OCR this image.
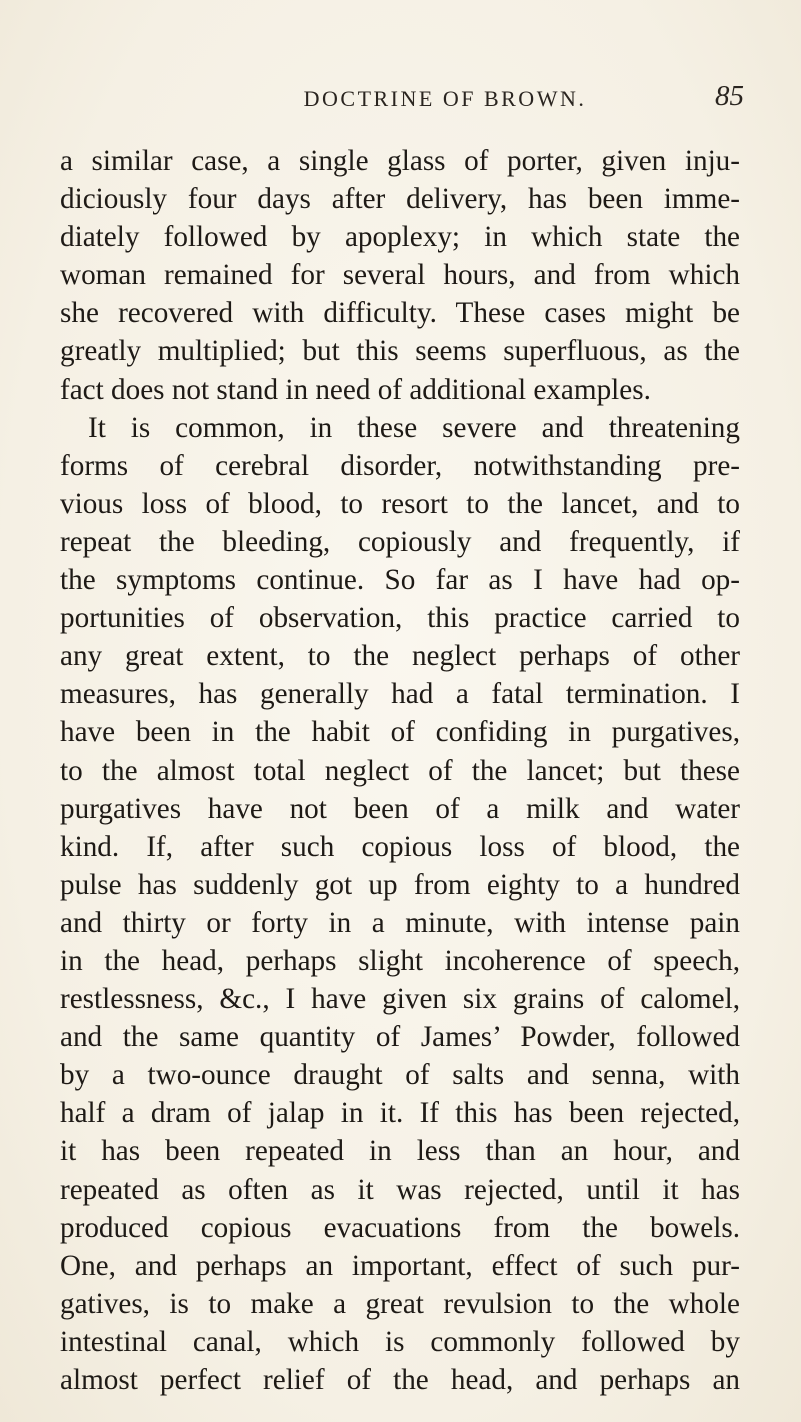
DOCTRINE OF BROWN.	85
a similar case, a single glass of porter, given inju-
diciously four days after delivery, has been imme-
diately followed by apoplexy; in which state the
woman remained for several hours, and from which
she recovered with difficulty. These cases might be
greatly multiplied; but this seems superfluous, as the
fact does not stand in need of additional examples.
It is common, in these severe and threatening
forms of cerebral disorder, notwithstanding pre-
vious loss of blood, to resort to the lancet, and to
repeat the bleeding, copiously and frequently, if
the symptoms continue. So far as I have had op-
portunities of observation, this practice carried to
any great extent, to the neglect perhaps of other
measures, has generally had a fatal termination. I
have been in the habit of confiding in purgatives,
to the almost total neglect of the lancet; but these
purgatives have not been of a milk and water
kind. If, after such copious loss of blood, the
pulse has suddenly got up from eighty to a hundred
and thirty or forty in a minute, with intense pain
in the head, perhaps slight incoherence of speech,
restlessness, &c., I have given six grains of calomel,
and the same quantity of James’ Powder, followed
by a two-ounce draught of salts and senna, with
half a dram of jalap in it. If this has been rejected,
it has been repeated in less than an hour, and
repeated as often as it was rejected, until it has
produced copious evacuations from the bowels.
One, and perhaps an important, effect of such pur-
gatives, is to make a great revulsion to the whole
intestinal canal, which is commonly followed by
almost perfect relief of the head, and perhaps an
